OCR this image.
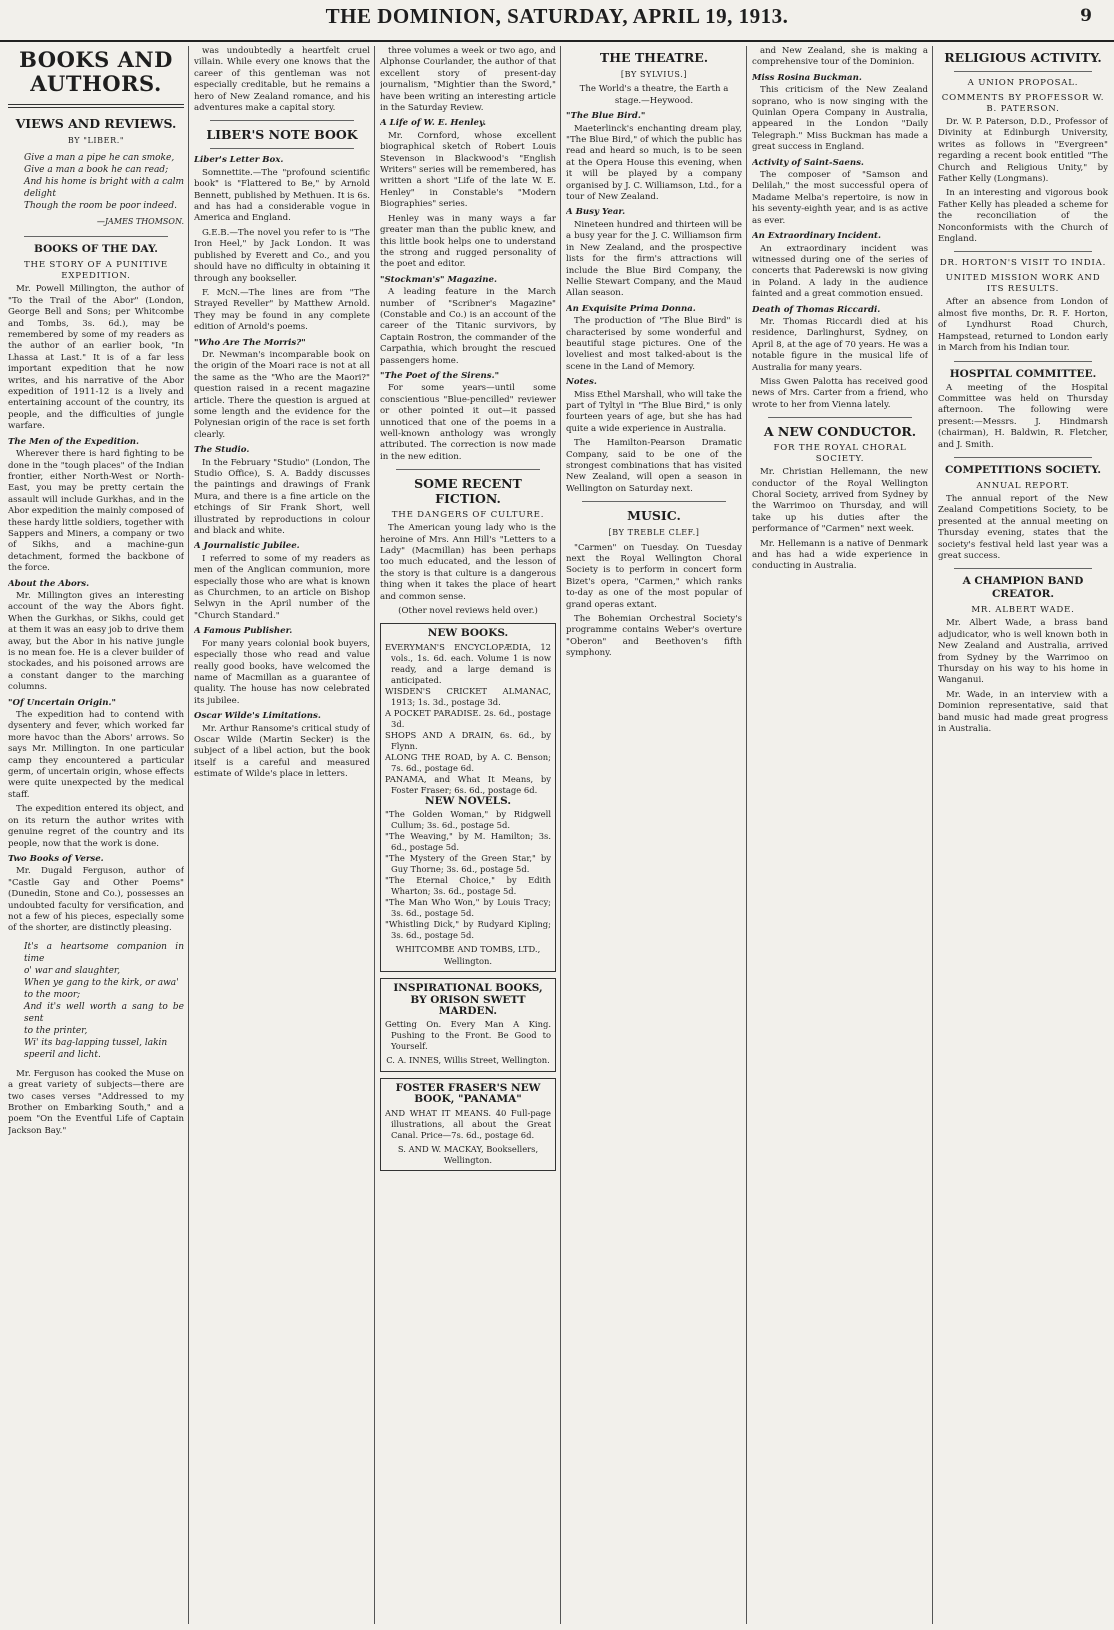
THE DOMINION, SATURDAY, APRIL 19, 1913.	9
BOOKS AND AUTHORS.
VIEWS AND REVIEWS.
BY "LIBER."
Give a man a pipe he can smoke,
Give a man a book he can read;
And his home is bright with a calm delight
Though the room be poor indeed.
—JAMES THOMSON.
BOOKS OF THE DAY.
THE STORY OF A PUNITIVE EXPEDITION.

Mr. Powell Millington, the author of "To the Trail of the Abor" (London, George Bell and Sons; per Whitcombe and Tombs, 3s. 6d.), may be remembered by some of my readers as the author of an earlier book, "In Lhassa at Last." It is of a far less important expedition that he now writes, and his narrative of the Abor expedition of 1911-12 is a lively and entertaining account of the country, its people, and the difficulties of jungle warfare.

The Men of the Expedition.

Wherever there is hard fighting to be done in the "tough places" of the Indian frontier, either North-West or North-East, you may be pretty certain the assault will include Gurkhas, and in the Abor expedition the mainly composed of these hardy little soldiers, together with Sappers and Miners, a company or two of Sikhs, and a machine-gun detachment, formed the backbone of the force.

About the Abors.

Mr. Millington gives an interesting account of the way the Abors fight. When the Gurkhas, or Sikhs, could get at them it was an easy job to drive them away, but the Abor in his native jungle is no mean foe. He is a clever builder of stockades, and his poisoned arrows are a constant danger to the marching columns.

"Of Uncertain Origin."

The expedition had to contend with dysentery and fever, which worked far more havoc than the Abors' arrows. So says Mr. Millington. In one particular camp they encountered a particular germ, of uncertain origin, whose effects were quite unexpected by the medical staff.

The expedition entered its object, and on its return the author writes with genuine regret of the country and its people, now that the work is done.

Two Books of Verse.

Mr. Dugald Ferguson, author of "Castle Gay and Other Poems" (Dunedin, Stone and Co.), possesses an undoubted faculty for versification, and not a few of his pieces, especially some of the shorter, are distinctly pleasing.

It's a heartsome companion in time
o' war and slaughter,
When ye gang to the kirk, or awa'
to the moor;
And it's well worth a sang to be sent
to the printer,
Wi' its bag-lapping tussel, lakin
speeril and licht.

Mr. Ferguson has cooked the Muse on a great variety of subjects—there are two cases verses "Addressed to my Brother on Embarking South," and a poem "On the Eventful Life of Captain Jackson Bay."

was undoubtedly a heartfelt cruel villain. While every one knows that the career of this gentleman was not especially creditable, but he remains a hero of New Zealand romance, and his adventures make a capital story.

LIBER'S NOTE BOOK
Liber's Letter Box.

Somnettite.—The "profound scientific book" is "Flattered to Be," by Arnold Bennett, published by Methuen. It is 6s. and has had a considerable vogue in America and England.

G.E.B.—The novel you refer to is "The Iron Heel," by Jack London. It was published by Everett and Co., and you should have no difficulty in obtaining it through any bookseller.

F. McN.—The lines are from "The Strayed Reveller" by Matthew Arnold. They may be found in any complete edition of Arnold's poems.

"Who Are The Morris?"

Dr. Newman's incomparable book on the origin of the Moari race is not at all the same as the "Who are the Maori?" question raised in a recent magazine article. There the question is argued at some length and the evidence for the Polynesian origin of the race is set forth clearly.

The Studio.

In the February "Studio" (London, The Studio Office), S. A. Baddy discusses the paintings and drawings of Frank Mura, and there is a fine article on the etchings of Sir Frank Short, well illustrated by reproductions in colour and black and white.

A Journalistic Jubilee.

I referred to some of my readers as men of the Anglican communion, more especially those who are what is known as Churchmen, to an article on Bishop Selwyn in the April number of the "Church Standard."

A Famous Publisher.

For many years colonial book buyers, especially those who read and value really good books, have welcomed the name of Macmillan as a guarantee of quality. The house has now celebrated its jubilee.

Oscar Wilde's Limitations.

Mr. Arthur Ransome's critical study of Oscar Wilde (Martin Secker) is the subject of a libel action, but the book itself is a careful and measured estimate of Wilde's place in letters.

three volumes a week or two ago, and Alphonse Courlander, the author of that excellent story of present-day journalism, "Mightier than the Sword," have been writing an interesting article in the Saturday Review.

A Life of W. E. Henley.

Mr. Cornford, whose excellent biographical sketch of Robert Louis Stevenson in Blackwood's "English Writers" series will be remembered, has written a short "Life of the late W. E. Henley" in Constable's "Modern Biographies" series.

Henley was in many ways a far greater man than the public knew, and this little book helps one to understand the strong and rugged personality of the poet and editor.

"Stockman's" Magazine.

A leading feature in the March number of "Scribner's Magazine" (Constable and Co.) is an account of the career of the Titanic survivors, by Captain Rostron, the commander of the Carpathia, which brought the rescued passengers home.

"The Poet of the Sirens."

For some years—until some conscientious "Blue-pencilled" reviewer or other pointed it out—it passed unnoticed that one of the poems in a well-known anthology was wrongly attributed. The correction is now made in the new edition.

SOME RECENT FICTION.
THE DANGERS OF CULTURE.

The American young lady who is the heroine of Mrs. Ann Hill's "Letters to a Lady" (Macmillan) has been perhaps too much educated, and the lesson of the story is that culture is a dangerous thing when it takes the place of heart and common sense.

(Other novel reviews held over.)

NEW BOOKS.
EVERYMAN'S ENCYCLOPÆDIA, 12 vols., 1s. 6d. each. Volume 1 is now ready, and a large demand is anticipated.
WISDEN'S CRICKET ALMANAC, 1913; 1s. 3d., postage 3d.
A POCKET PARADISE. 2s. 6d., postage 3d.
SHOPS AND A DRAIN, 6s. 6d., by Flynn.
ALONG THE ROAD, by A. C. Benson; 7s. 6d., postage 6d.
PANAMA, and What It Means, by Foster Fraser; 6s. 6d., postage 6d.
NEW NOVELS.
"The Golden Woman," by Ridgwell Cullum; 3s. 6d., postage 5d.
"The Weaving," by M. Hamilton; 3s. 6d., postage 5d.
"The Mystery of the Green Star," by Guy Thorne; 3s. 6d., postage 5d.
"The Eternal Choice," by Edith Wharton; 3s. 6d., postage 5d.
"The Man Who Won," by Louis Tracy; 3s. 6d., postage 5d.
"Whistling Dick," by Rudyard Kipling; 3s. 6d., postage 5d.
WHITCOMBE AND TOMBS, LTD., Wellington.
INSPIRATIONAL BOOKS, BY ORISON SWETT MARDEN.
Getting On. Every Man A King. Pushing to the Front. Be Good to Yourself.
C. A. INNES, Willis Street, Wellington.
FOSTER FRASER'S NEW BOOK, "PANAMA"
AND WHAT IT MEANS. 40 Full-page illustrations, all about the Great Canal. Price—7s. 6d., postage 6d.
S. AND W. MACKAY, Booksellers, Wellington.
THE THEATRE.
[BY SYLVIUS.]

The World's a theatre, the Earth a stage.—Heywood.

"The Blue Bird."

Maeterlinck's enchanting dream play, "The Blue Bird," of which the public has read and heard so much, is to be seen at the Opera House this evening, when it will be played by a company organised by J. C. Williamson, Ltd., for a tour of New Zealand.

A Busy Year.

Nineteen hundred and thirteen will be a busy year for the J. C. Williamson firm in New Zealand, and the prospective lists for the firm's attractions will include the Blue Bird Company, the Nellie Stewart Company, and the Maud Allan season.

An Exquisite Prima Donna.

The production of "The Blue Bird" is characterised by some wonderful and beautiful stage pictures. One of the loveliest and most talked-about is the scene in the Land of Memory.

Notes.

Miss Ethel Marshall, who will take the part of Tyltyl in "The Blue Bird," is only fourteen years of age, but she has had quite a wide experience in Australia.

The Hamilton-Pearson Dramatic Company, said to be one of the strongest combinations that has visited New Zealand, will open a season in Wellington on Saturday next.

MUSIC.
[BY TREBLE CLEF.]

"Carmen" on Tuesday. On Tuesday next the Royal Wellington Choral Society is to perform in concert form Bizet's opera, "Carmen," which ranks to-day as one of the most popular of grand operas extant.

The Bohemian Orchestral Society's programme contains Weber's overture "Oberon" and Beethoven's fifth symphony.

and New Zealand, she is making a comprehensive tour of the Dominion.

Miss Rosina Buckman.

This criticism of the New Zealand soprano, who is now singing with the Quinlan Opera Company in Australia, appeared in the London "Daily Telegraph." Miss Buckman has made a great success in England.

Activity of Saint-Saens.

The composer of "Samson and Delilah," the most successful opera of Madame Melba's repertoire, is now in his seventy-eighth year, and is as active as ever.

An Extraordinary Incident.

An extraordinary incident was witnessed during one of the series of concerts that Paderewski is now giving in Poland. A lady in the audience fainted and a great commotion ensued.

Death of Thomas Riccardi.

Mr. Thomas Riccardi died at his residence, Darlinghurst, Sydney, on April 8, at the age of 70 years. He was a notable figure in the musical life of Australia for many years.

Miss Gwen Palotta has received good news of Mrs. Carter from a friend, who wrote to her from Vienna lately.

A NEW CONDUCTOR.
FOR THE ROYAL CHORAL SOCIETY.

Mr. Christian Hellemann, the new conductor of the Royal Wellington Choral Society, arrived from Sydney by the Warrimoo on Thursday, and will take up his duties after the performance of "Carmen" next week.

Mr. Hellemann is a native of Denmark and has had a wide experience in conducting in Australia.

RELIGIOUS ACTIVITY.
A UNION PROPOSAL.
COMMENTS BY PROFESSOR W. B. PATERSON.

Dr. W. P. Paterson, D.D., Professor of Divinity at Edinburgh University, writes as follows in "Evergreen" regarding a recent book entitled "The Church and Religious Unity," by Father Kelly (Longmans).

In an interesting and vigorous book Father Kelly has pleaded a scheme for the reconciliation of the Nonconformists with the Church of England.

DR. HORTON'S VISIT TO INDIA.
UNITED MISSION WORK AND ITS RESULTS.

After an absence from London of almost five months, Dr. R. F. Horton, of Lyndhurst Road Church, Hampstead, returned to London early in March from his Indian tour.

HOSPITAL COMMITTEE.

A meeting of the Hospital Committee was held on Thursday afternoon. The following were present:—Messrs. J. Hindmarsh (chairman), H. Baldwin, R. Fletcher, and J. Smith.

COMPETITIONS SOCIETY.
ANNUAL REPORT.

The annual report of the New Zealand Competitions Society, to be presented at the annual meeting on Thursday evening, states that the society's festival held last year was a great success.

A CHAMPION BAND CREATOR.
MR. ALBERT WADE.

Mr. Albert Wade, a brass band adjudicator, who is well known both in New Zealand and Australia, arrived from Sydney by the Warrimoo on Thursday on his way to his home in Wanganui.

Mr. Wade, in an interview with a Dominion representative, said that band music had made great progress in Australia.
